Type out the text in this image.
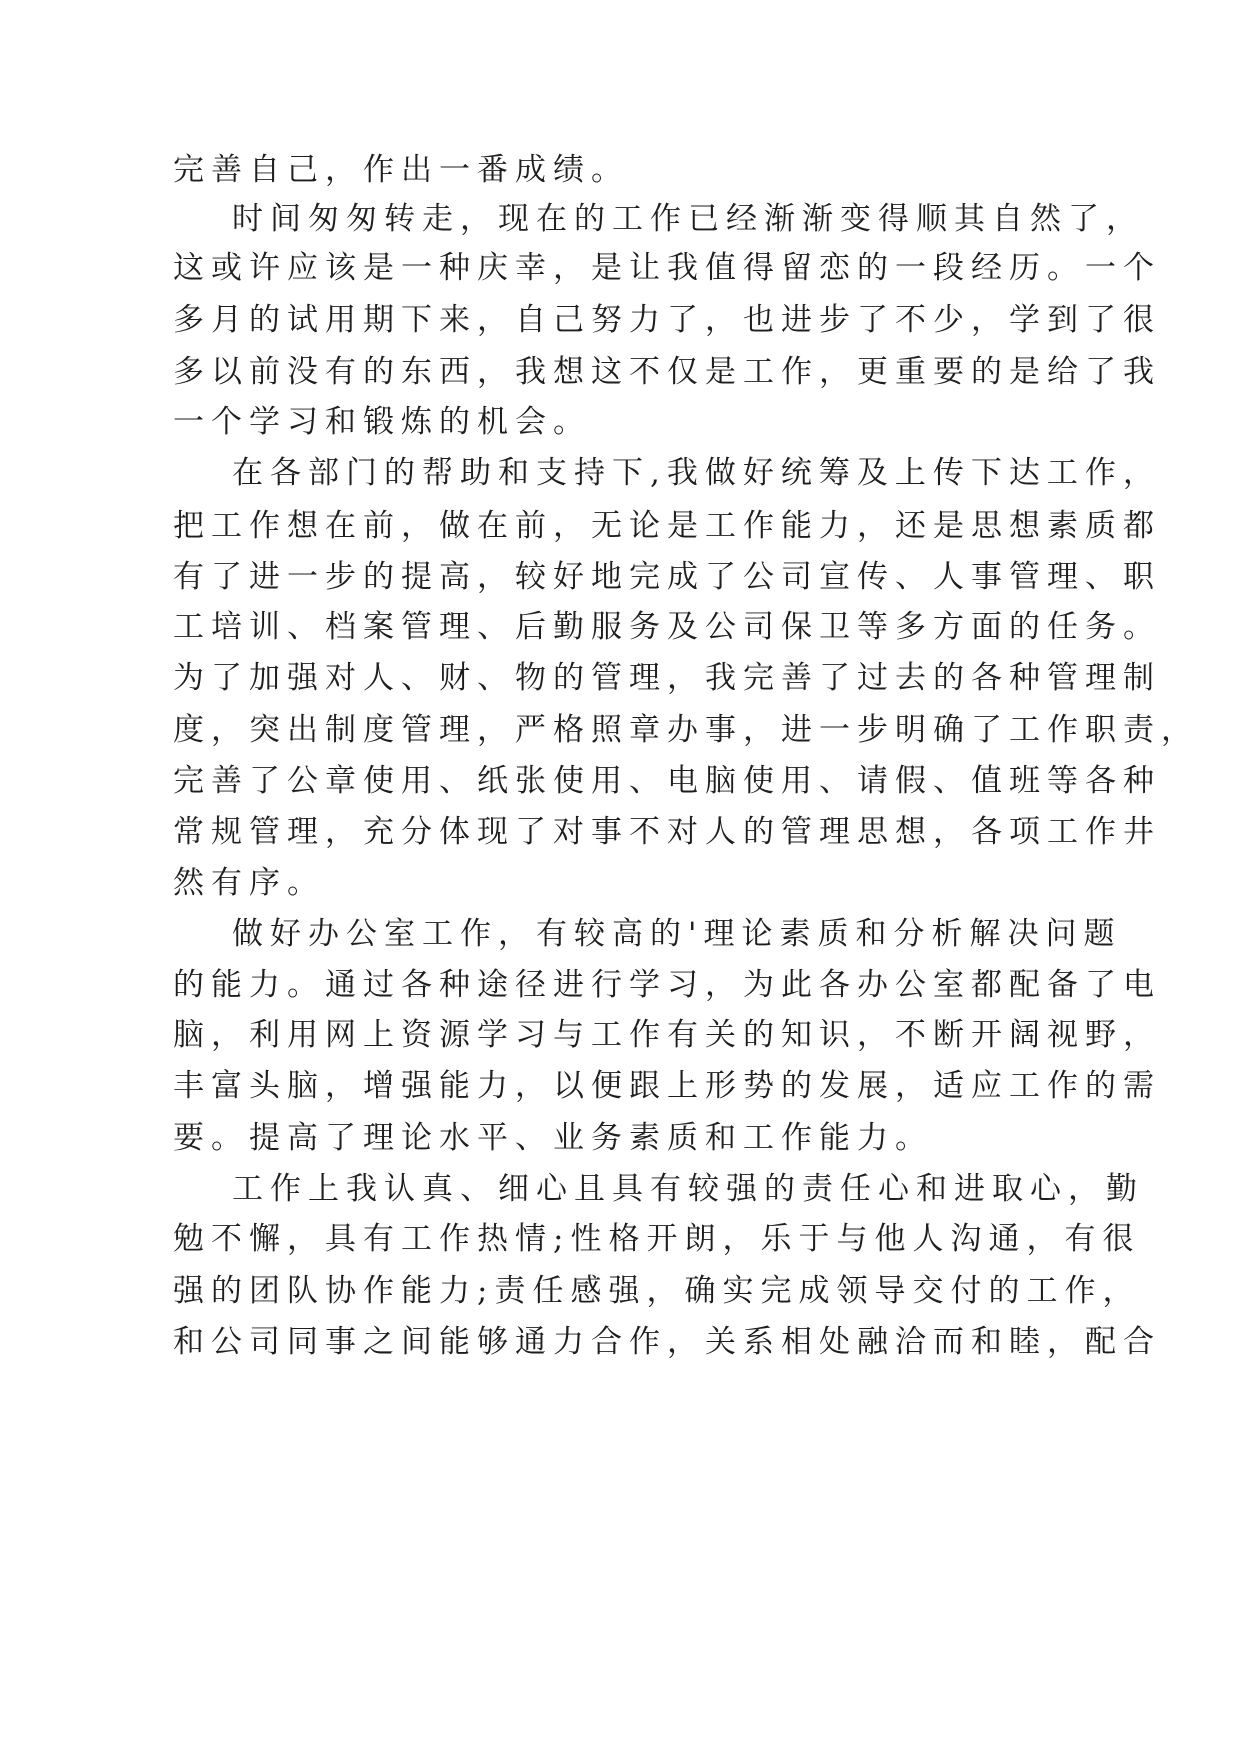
完善自己，作出一番成绩。

时间匆匆转走，现在的工作已经渐渐变得顺其自然了，

这或许应该是一种庆幸，是让我值得留恋的一段经历。一个

多月的试用期下来，自己努力了，也进步了不少，学到了很

多以前没有的东西，我想这不仅是工作，更重要的是给了我

一个学习和锻炼的机会。

在各部门的帮助和支持下,我做好统筹及上传下达工作，

把工作想在前，做在前，无论是工作能力，还是思想素质都

有了进一步的提高，较好地完成了公司宣传、人事管理、职

工培训、档案管理、后勤服务及公司保卫等多方面的任务。

为了加强对人、财、物的管理，我完善了过去的各种管理制

度，突出制度管理，严格照章办事，进一步明确了工作职责，

完善了公章使用、纸张使用、电脑使用、请假、值班等各种

常规管理，充分体现了对事不对人的管理思想，各项工作井

然有序。

做好办公室工作，有较高的'理论素质和分析解决问题

的能力。通过各种途径进行学习，为此各办公室都配备了电

脑，利用网上资源学习与工作有关的知识，不断开阔视野，

丰富头脑，增强能力，以便跟上形势的发展，适应工作的需

要。提高了理论水平、业务素质和工作能力。

工作上我认真、细心且具有较强的责任心和进取心，勤

勉不懈，具有工作热情;性格开朗，乐于与他人沟通，有很

强的团队协作能力;责任感强，确实完成领导交付的工作，

和公司同事之间能够通力合作，关系相处融洽而和睦，配合
